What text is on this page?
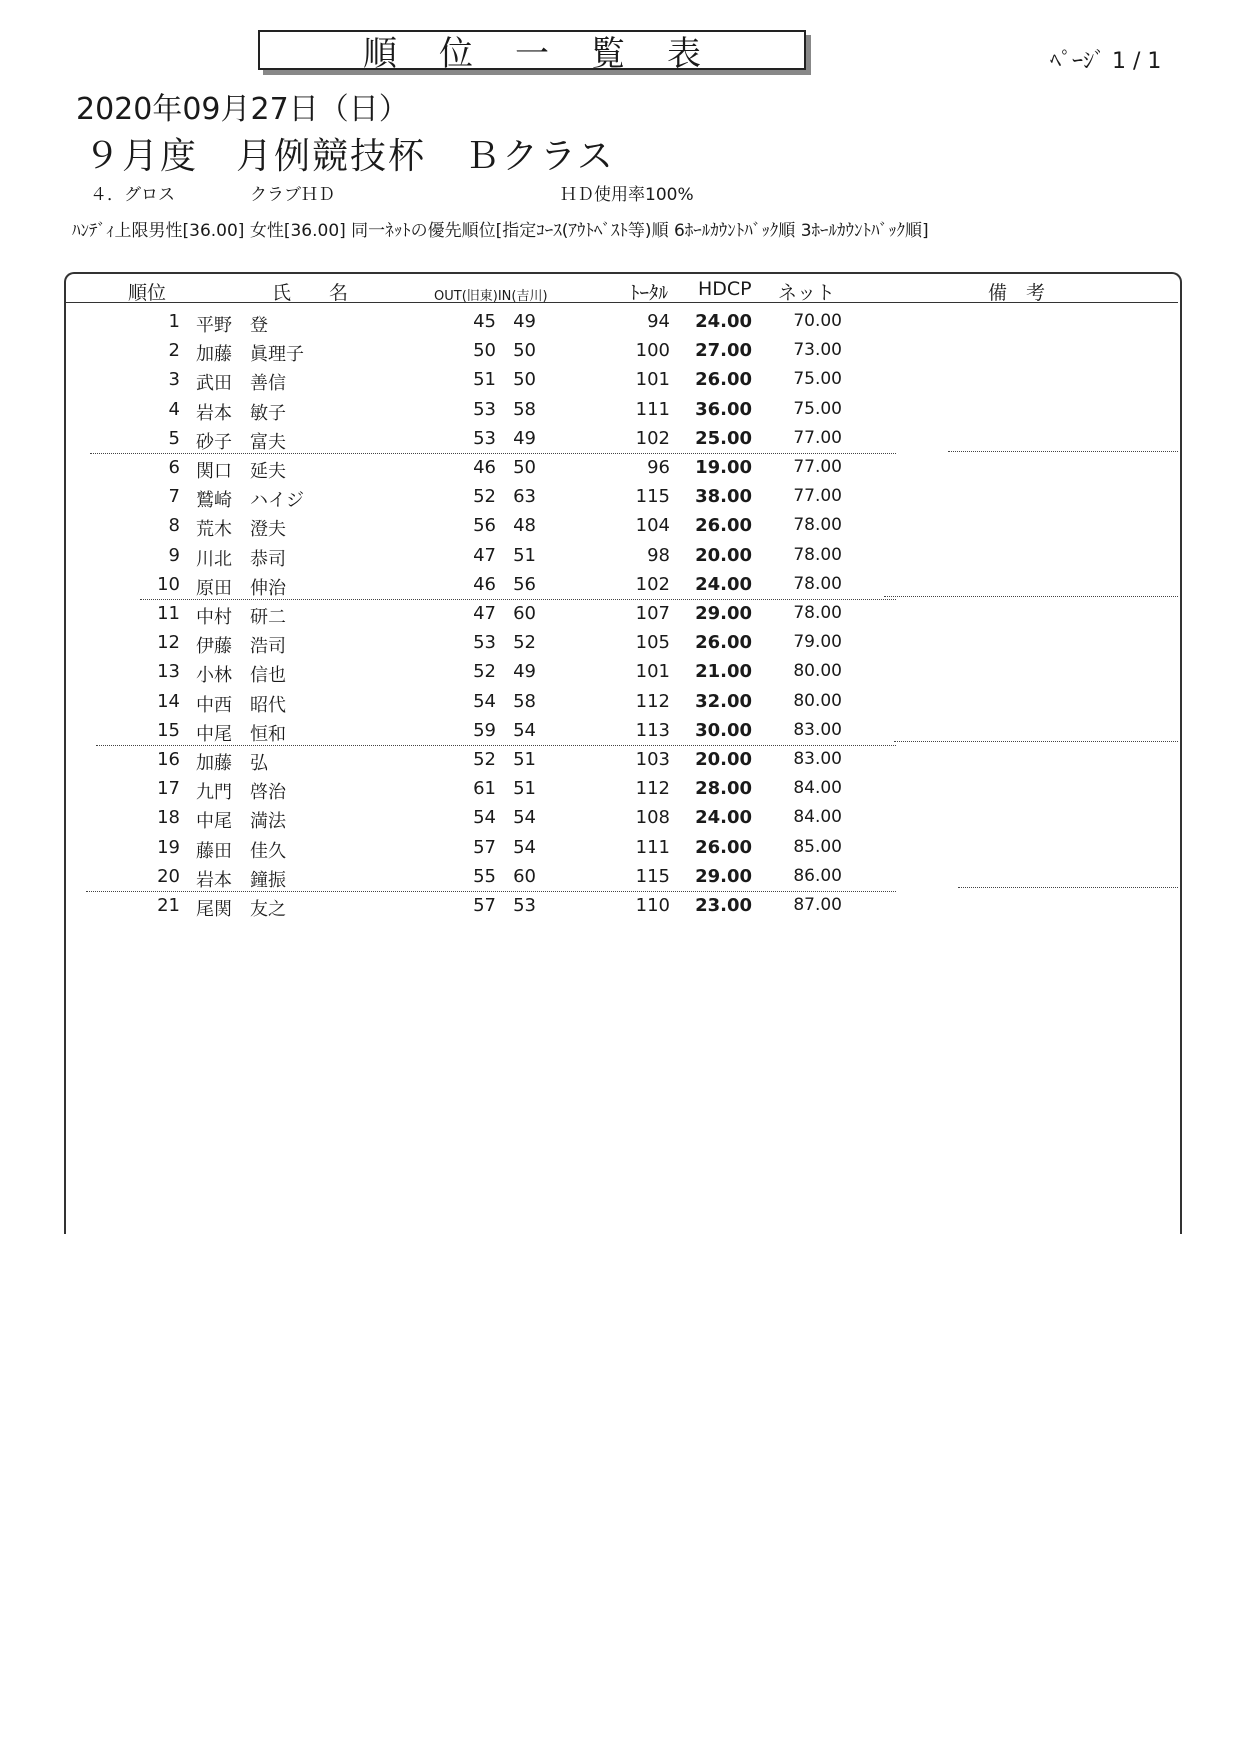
順位一覧表	ﾍﾟｰｼﾞ 1 / 1
2020年09月27日（日）
９月度　月例競技杯　Ｂクラス
４．グロス	クラブＨＤ	ＨＤ使用率100%
ﾊﾝﾃﾞｨ上限男性[36.00] 女性[36.00] 同一ﾈｯﾄの優先順位[指定ｺｰｽ(ｱｳﾄﾍﾞｽﾄ等)順 6ﾎｰﾙｶｳﾝﾄﾊﾞｯｸ順 3ﾎｰﾙｶｳﾝﾄﾊﾞｯｸ順]
順位	氏　　名	OUT(旧東)IN(吉川)	ﾄｰﾀﾙ HDCP ネット	備　考
1 平野　登	45 49	94 24.00	70.00
2 加藤　眞理子	50 50	100 27.00	73.00
3 武田　善信	51 50	101 26.00	75.00
4 岩本　敏子	53 58	111 36.00	75.00
5 砂子　富夫	53 49	102 25.00	77.00
6 関口　延夫	46 50	96 19.00	77.00
7 鷲崎　ハイジ	52 63	115 38.00	77.00
8 荒木　澄夫	56 48	104 26.00	78.00
9 川北　恭司	47 51	98 20.00	78.00
10 原田　伸治	46 56	102 24.00	78.00
11 中村　研二	47 60	107 29.00	78.00
12 伊藤　浩司	53 52	105 26.00	79.00
13 小林　信也	52 49	101 21.00	80.00
14 中西　昭代	54 58	112 32.00	80.00
15 中尾　恒和	59 54	113 30.00	83.00
16 加藤　弘	52 51	103 20.00	83.00
17 九門　啓治	61 51	112 28.00	84.00
18 中尾　満法	54 54	108 24.00	84.00
19 藤田　佳久	57 54	111 26.00	85.00
20 岩本　鐘振	55 60	115 29.00	86.00
21 尾関　友之	57 53	110 23.00	87.00
